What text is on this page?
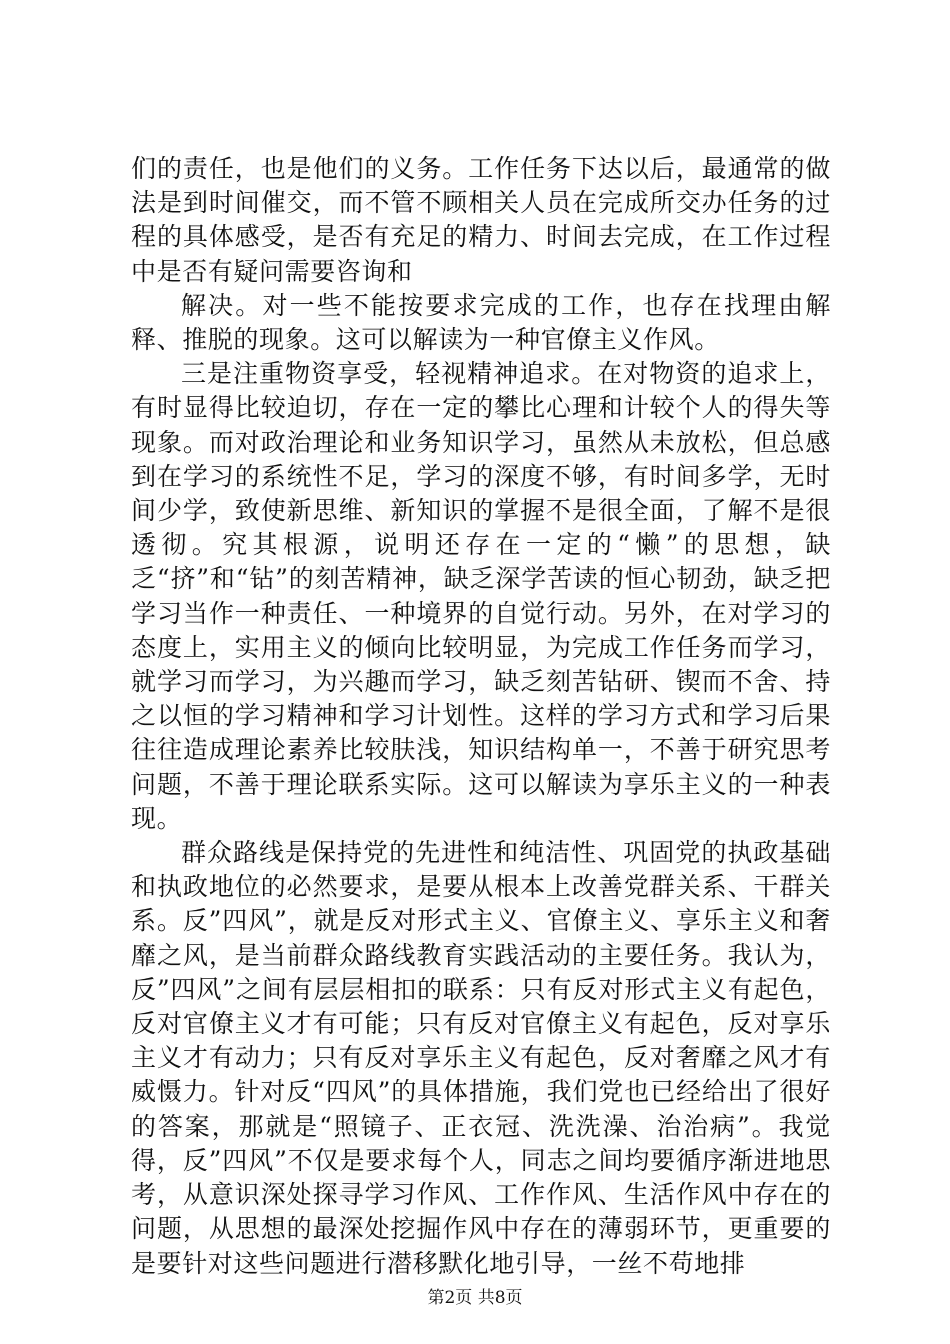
们的责任，也是他们的义务。工作任务下达以后，最通常的做法是到时间催交，而不管不顾相关人员在完成所交办任务的过程的具体感受，是否有充足的精力、时间去完成，在工作过程中是否有疑问需要咨询和

解决。对一些不能按要求完成的工作，也存在找理由解释、推脱的现象。这可以解读为一种官僚主义作风。

三是注重物资享受，轻视精神追求。在对物资的追求上，有时显得比较迫切，存在一定的攀比心理和计较个人的得失等现象。而对政治理论和业务知识学习，虽然从未放松，但总感到在学习的系统性不足，学习的深度不够，有时间多学，无时间少学，致使新思维、新知识的掌握不是很全面，了解不是很透彻。究其根源，说明还存在一定的“懒”的思想，缺乏“挤”和“钻”的刻苦精神，缺乏深学苦读的恒心韧劲，缺乏把学习当作一种责任、一种境界的自觉行动。另外，在对学习的态度上，实用主义的倾向比较明显，为完成工作任务而学习，就学习而学习，为兴趣而学习，缺乏刻苦钻研、锲而不舍、持之以恒的学习精神和学习计划性。这样的学习方式和学习后果往往造成理论素养比较肤浅，知识结构单一，不善于研究思考问题，不善于理论联系实际。这可以解读为享乐主义的一种表现。

群众路线是保持党的先进性和纯洁性、巩固党的执政基础和执政地位的必然要求，是要从根本上改善党群关系、干群关系。反”四风”，就是反对形式主义、官僚主义、享乐主义和奢靡之风，是当前群众路线教育实践活动的主要任务。我认为，反”四风”之间有层层相扣的联系：只有反对形式主义有起色，反对官僚主义才有可能；只有反对官僚主义有起色，反对享乐主义才有动力；只有反对享乐主义有起色，反对奢靡之风才有威慑力。针对反“四风”的具体措施，我们党也已经给出了很好的答案，那就是“照镜子、正衣冠、洗洗澡、治治病”。我觉得，反”四风”不仅是要求每个人，同志之间均要循序渐进地思考，从意识深处探寻学习作风、工作作风、生活作风中存在的问题，从思想的最深处挖掘作风中存在的薄弱环节，更重要的是要针对这些问题进行潜移默化地引导，一丝不苟地排

第2页 共8页
